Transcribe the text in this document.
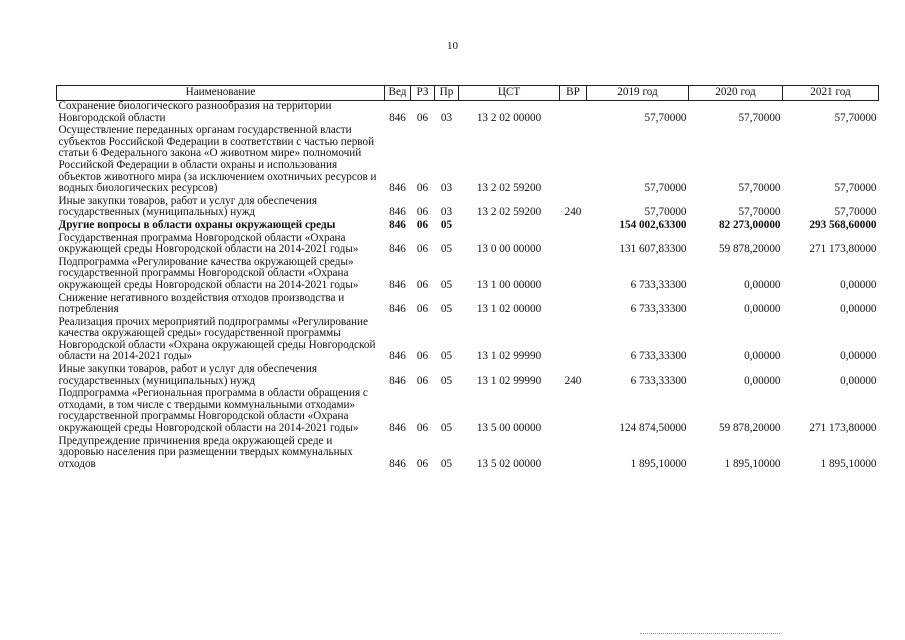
10
Наименование	Вед	РЗ	Пр	ЦСТ	ВР	2019 год	2020 год	2021 год
Сохранение биологического разнообразия на территории Новгородской области	846	06	03	13 2 02 00000		57,70000	57,70000	57,70000
Осуществление переданных органам государственной власти субъектов Российской Федерации в соответствии с частью первой статьи 6 Федерального закона «О животном мире» полномочий Российской Федерации в области охраны и использования объектов животного мира (за исключением охотничьих ресурсов и водных биологических ресурсов)	846	06	03	13 2 02 59200		57,70000	57,70000	57,70000
Иные закупки товаров, работ и услуг для обеспечения государственных (муниципальных) нужд	846	06	03	13 2 02 59200	240	57,70000	57,70000	57,70000
Другие вопросы в области охраны окружающей среды	846	06	05			154 002,63300	82 273,00000	293 568,60000
Государственная программа Новгородской области «Охрана окружающей среды Новгородской области на 2014-2021 годы»	846	06	05	13 0 00 00000		131 607,83300	59 878,20000	271 173,80000
Подпрограмма «Регулирование качества окружающей среды» государственной программы Новгородской области «Охрана окружающей среды Новгородской области на 2014-2021 годы»	846	06	05	13 1 00 00000		6 733,33300	0,00000	0,00000
Снижение негативного воздействия отходов производства и потребления	846	06	05	13 1 02 00000		6 733,33300	0,00000	0,00000
Реализация прочих мероприятий подпрограммы «Регулирование качества окружающей среды» государственной программы Новгородской области «Охрана окружающей среды Новгородской области на 2014-2021 годы»	846	06	05	13 1 02 99990		6 733,33300	0,00000	0,00000
Иные закупки товаров, работ и услуг для обеспечения государственных (муниципальных) нужд	846	06	05	13 1 02 99990	240	6 733,33300	0,00000	0,00000
Подпрограмма «Региональная программа в области обращения с отходами, в том числе с твердыми коммунальными отходами» государственной программы Новгородской области «Охрана окружающей среды Новгородской области на 2014-2021 годы»	846	06	05	13 5 00 00000		124 874,50000	59 878,20000	271 173,80000
Предупреждение причинения вреда окружающей среде и здоровью населения при размещении твердых коммунальных отходов	846	06	05	13 5 02 00000		1 895,10000	1 895,10000	1 895,10000
